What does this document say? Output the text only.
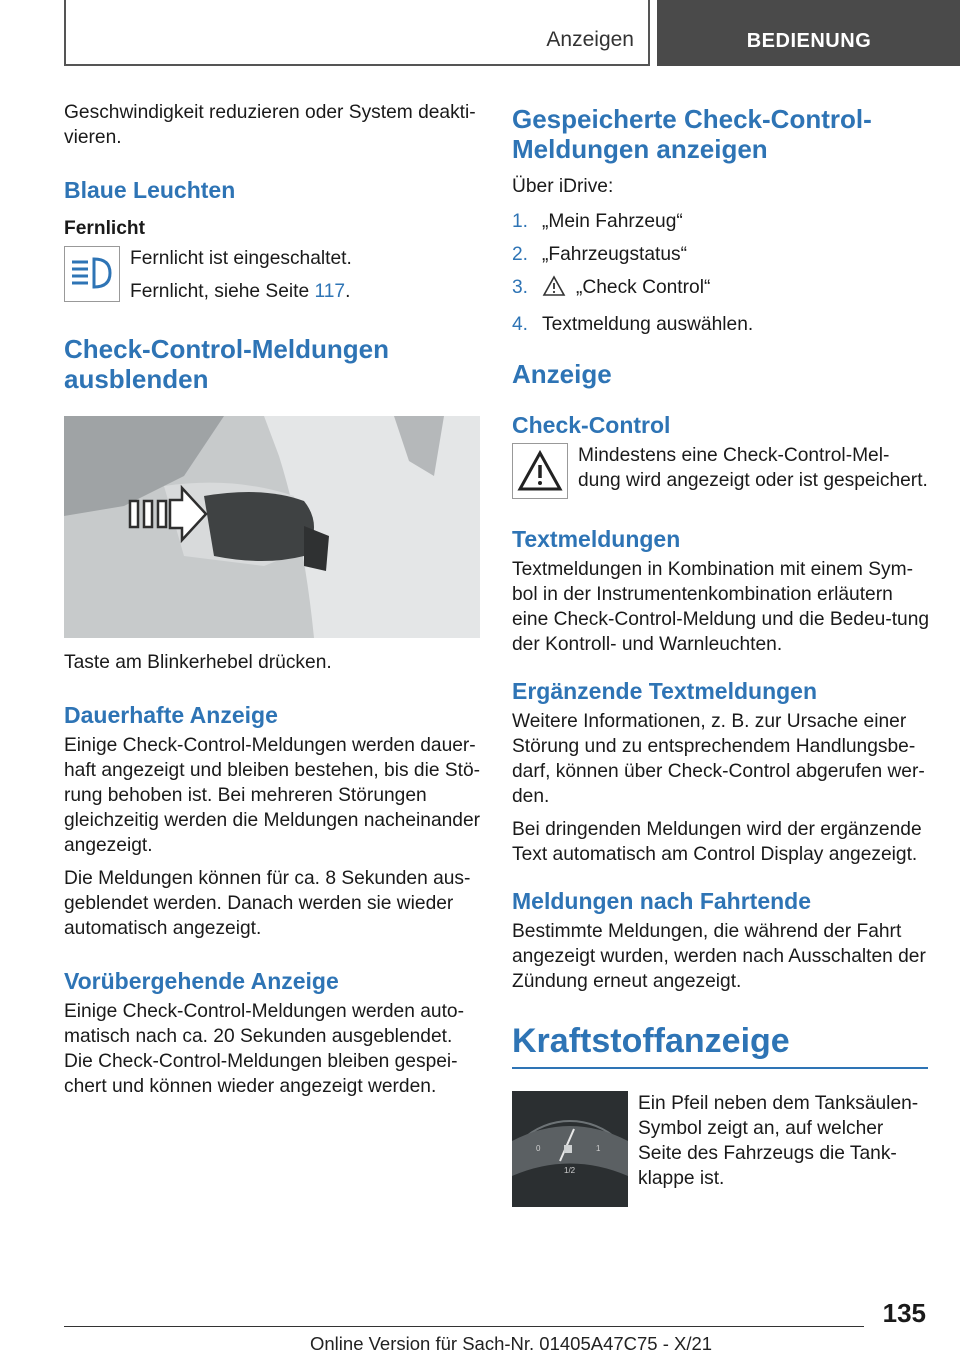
Anzeigen	BEDIENUNG

Geschwindigkeit reduzieren oder System deakti-vieren.

Blaue Leuchten
Fernlicht

Fernlicht ist eingeschaltet.

Fernlicht, siehe Seite 117.

Check-Control-Meldungen ausblenden

Taste am Blinkerhebel drücken.

Dauerhafte Anzeige

Einige Check-Control-Meldungen werden dauer-haft angezeigt und bleiben bestehen, bis die Stö-rung behoben ist. Bei mehreren Störungen gleichzeitig werden die Meldungen nacheinander angezeigt.

Die Meldungen können für ca. 8 Sekunden aus-geblendet werden. Danach werden sie wieder automatisch angezeigt.

Vorübergehende Anzeige

Einige Check-Control-Meldungen werden auto-matisch nach ca. 20 Sekunden ausgeblendet. Die Check-Control-Meldungen bleiben gespei-chert und können wieder angezeigt werden.

Gespeicherte Check-Control-Meldungen anzeigen

Über iDrive:

1. „Mein Fahrzeug“
2. „Fahrzeugstatus“
3.	„Check Control“
4. Textmeldung auswählen.
Anzeige
Check-Control

Mindestens eine Check-Control-Mel-dung wird angezeigt oder ist gespeichert.

Textmeldungen

Textmeldungen in Kombination mit einem Sym-bol in der Instrumentenkombination erläutern eine Check-Control-Meldung und die Bedeu-tung der Kontroll- und Warnleuchten.

Ergänzende Textmeldungen

Weitere Informationen, z. B. zur Ursache einer Störung und zu entsprechendem Handlungsbe-darf, können über Check-Control abgerufen wer-den.

Bei dringenden Meldungen wird der ergänzende Text automatisch am Control Display angezeigt.

Meldungen nach Fahrtende

Bestimmte Meldungen, die während der Fahrt angezeigt wurden, werden nach Ausschalten der Zündung erneut angezeigt.

Kraftstoffanzeige
0	1
1/2

Ein Pfeil neben dem Tanksäulen-Symbol zeigt an, auf welcher Seite des Fahrzeugs die Tank-klappe ist.

135
Online Version für Sach-Nr. 01405A47C75 - X/21
